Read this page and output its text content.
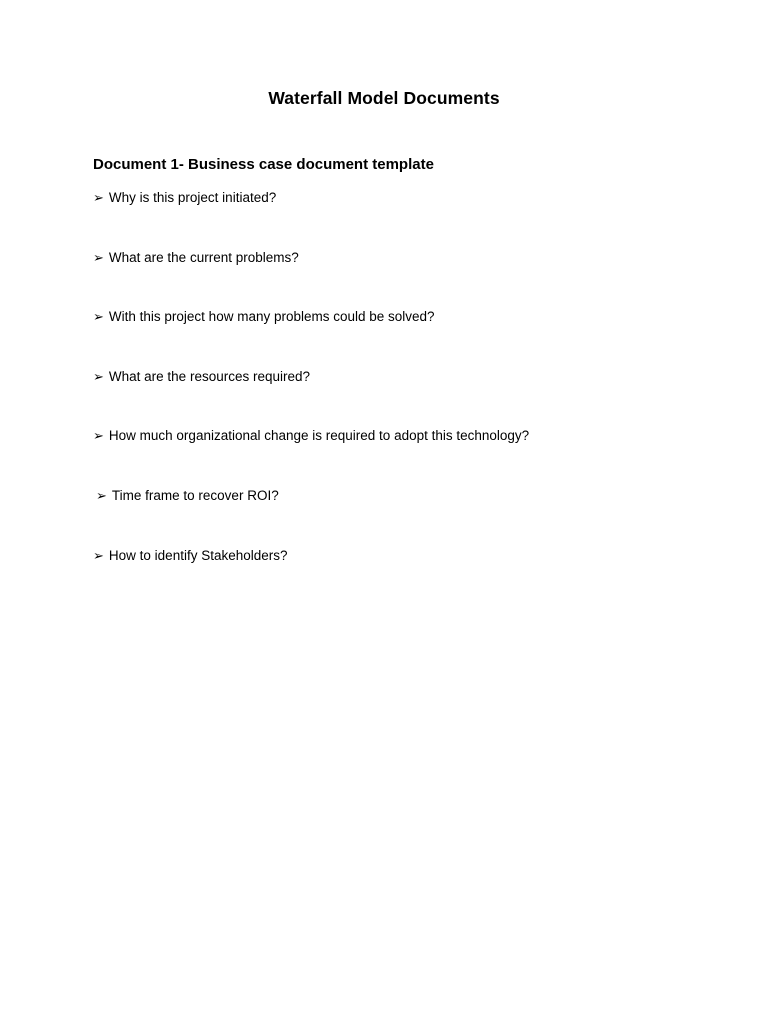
Waterfall Model Documents
Document 1- Business case document template
➢ Why is this project initiated?
➢ What are the current problems?
➢ With this project how many problems could be solved?
➢ What are the resources required?
➢ How much organizational change is required to adopt this technology?
➢ Time frame to recover ROI?
➢ How to identify Stakeholders?
